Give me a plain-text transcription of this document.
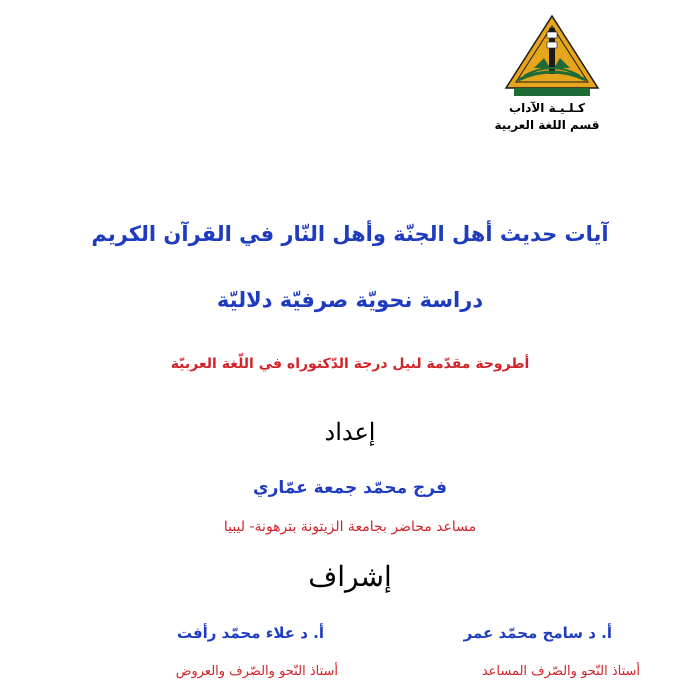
كـلـيـة الآداب
قسم اللغة العربية
آيات حديث أهل الجنّة وأهل النّار في القرآن الكريم
دراسة نحويّة صرفيّة دلاليّة
أطروحة مقدّمة لنيل درجة الدّكتوراه في اللّغة العربيّة
إعداد
فرج محمّد جمعة عمّاري
مساعد محاضر بجامعة الزيتونة بترهونة- ليبيا
إشراف
أ. د سامح محمّد عمر
أ. د علاء محمّد رأفت
أستاذ النّحو والصّرف المساعد
أستاذ النّحو والصّرف والعروض
